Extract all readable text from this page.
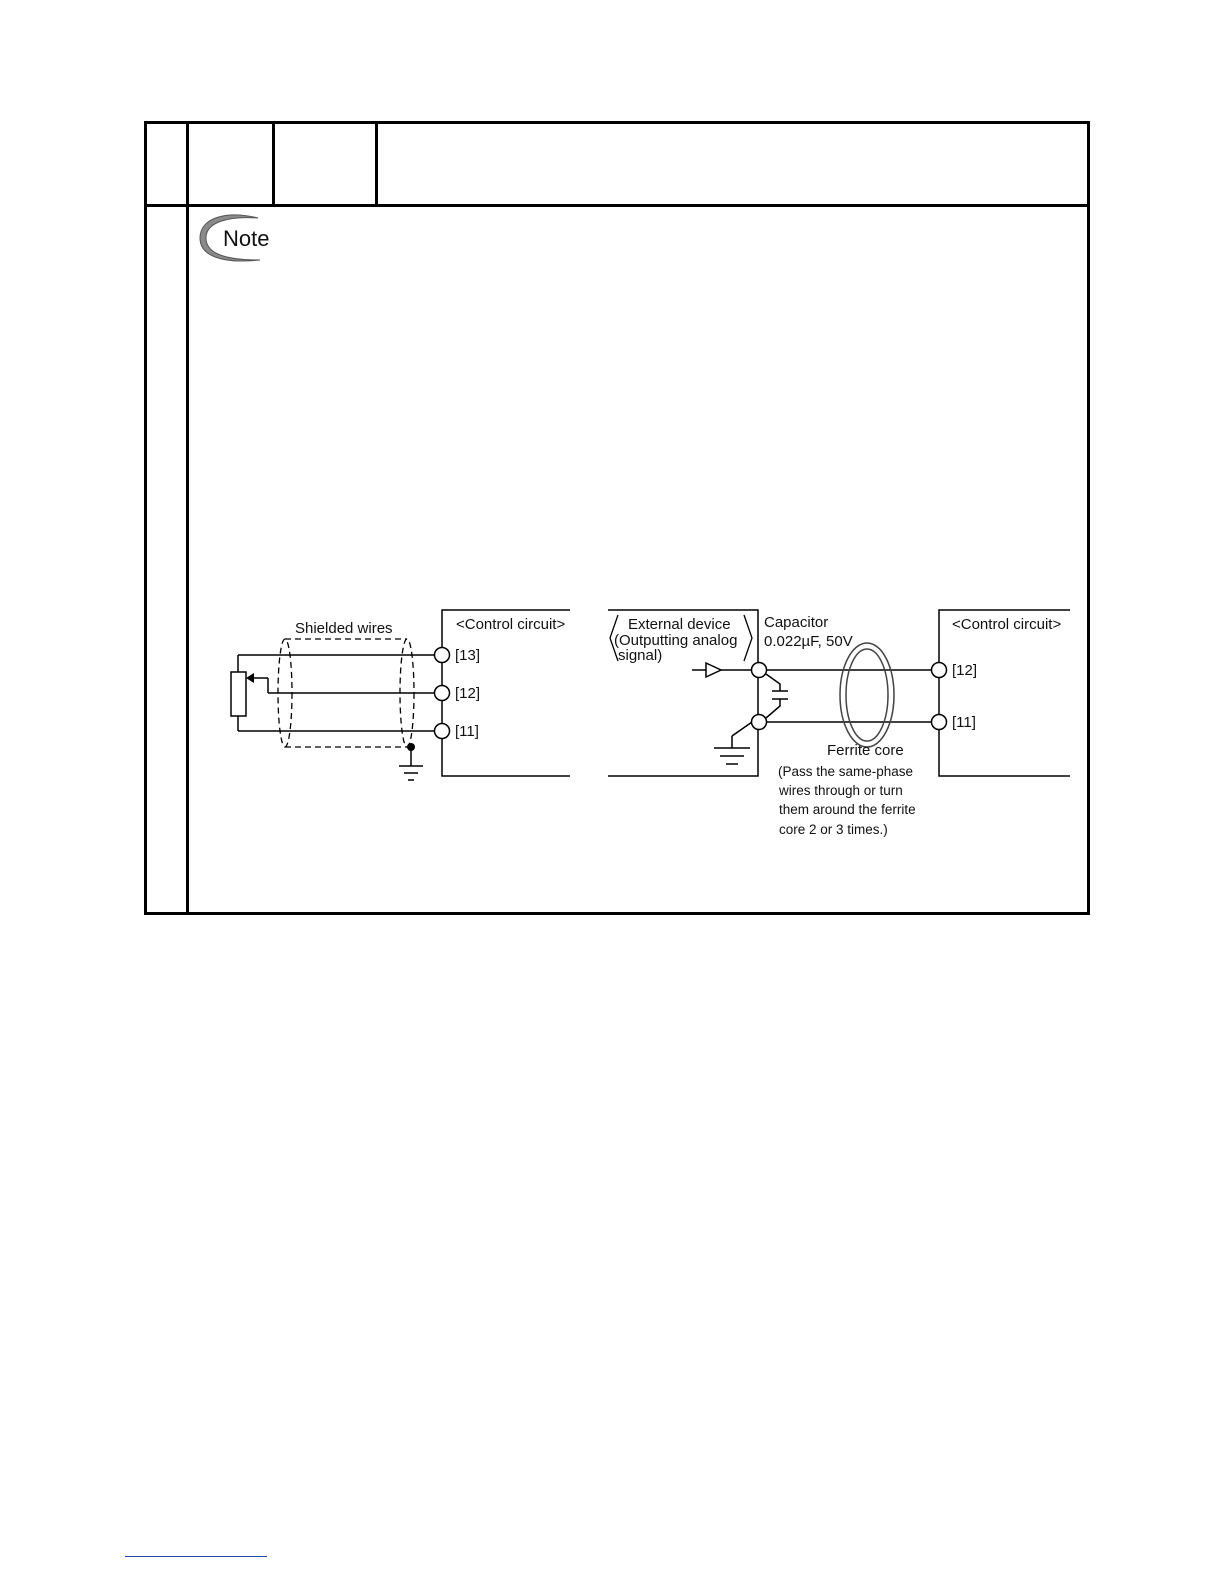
Note
<Control circuit>
Shielded wires
[13]
[12]
[11]
External device
(Outputting analog
signal)
Capacitor
0.022µF, 50V
Ferrite core
(Pass the same-phase
wires through or turn
them around the ferrite
core 2 or 3 times.)
<Control circuit>
[12]
[11]
